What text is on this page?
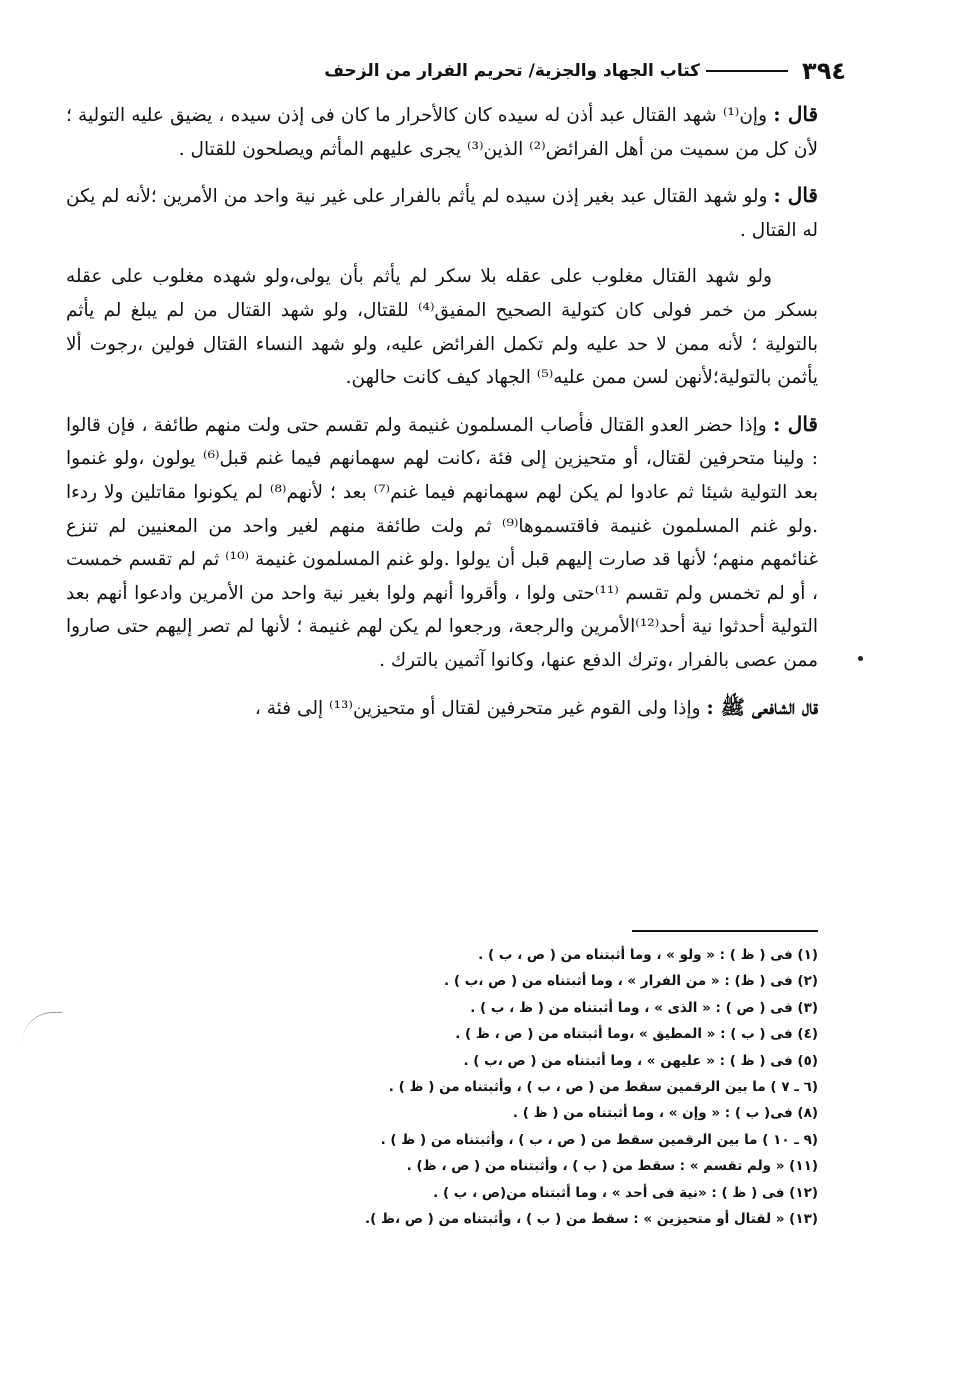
٣٩٤
كتاب الجهاد والجزية/ تحريم الفرار من الزحف

قال : وإن⁽¹⁾ شهد القتال عبد أذن له سيده كان كالأحرار ما كان فى إذن سيده ، يضيق عليه التولية ؛ لأن كل من سميت من أهل الفرائض⁽²⁾ الذين⁽³⁾ يجرى عليهم المأثم ويصلحون للقتال .

قال : ولو شهد القتال عبد بغير إذن سيده لم يأثم بالفرار على غير نية واحد من الأمرين ؛لأنه لم يكن له القتال .

ولو شهد القتال مغلوب على عقله بلا سكر لم يأثم بأن يولى،ولو شهده مغلوب على عقله بسكر من خمر فولى كان كتولية الصحيح المفيق⁽⁴⁾ للقتال، ولو شهد القتال من لم يبلغ لم يأثم بالتولية ؛ لأنه ممن لا حد عليه ولم تكمل الفرائض عليه، ولو شهد النساء القتال فولين ،رجوت ألا يأثمن بالتولية؛لأنهن لسن ممن عليه⁽⁵⁾ الجهاد كيف كانت حالهن.

قال : وإذا حضر العدو القتال فأصاب المسلمون غنيمة ولم تقسم حتى ولت منهم طائفة ، فإن قالوا : ولينا متحرفين لقتال، أو متحيزين إلى فئة ،كانت لهم سهمانهم فيما غنم قبل⁽⁶⁾ يولون ،ولو غنموا بعد التولية شيئا ثم عادوا لم يكن لهم سهمانهم فيما غنم⁽⁷⁾ بعد ؛ لأنهم⁽⁸⁾ لم يكونوا مقاتلين ولا ردءا .ولو غنم المسلمون غنيمة فاقتسموها⁽⁹⁾ ثم ولت طائفة منهم لغير واحد من المعنيين لم تنزع غنائمهم منهم؛ لأنها قد صارت إليهم قبل أن يولوا .ولو غنم المسلمون غنيمة ⁽¹⁰⁾ ثم لم تقسم خمست ، أو لم تخمس ولم تقسم ⁽¹¹⁾حتى ولوا ، وأقروا أنهم ولوا بغير نية واحد من الأمرين وادعوا أنهم بعد التولية أحدثوا نية أحد⁽¹²⁾الأمرين والرجعة، ورجعوا لم يكن لهم غنيمة ؛ لأنها لم تصر إليهم حتى صاروا ممن عصى بالفرار ،وترك الدفع عنها، وكانوا آثمين بالترك .

قال الشافعى ﷺ : وإذا ولى القوم غير متحرفين لقتال أو متحيزين⁽¹³⁾ إلى فئة ،

(١) فى ( ظ ) : « ولو » ، وما أثبتناه من ( ص ، ب ) .
(٢) فى ( ظ) : « من الفرار » ، وما أثبتناه من ( ص ،ب ) .
(٣) فى ( ص ) : « الذى » ، وما أثبتناه من ( ظ ، ب ) .
(٤) فى ( ب ) : « المطيق » ،وما أثبتناه من ( ص ، ظ ) .
(٥) فى ( ظ ) : « عليهن » ، وما أثبتناه من ( ص ،ب ) .
(٦ ـ ٧ ) ما بين الرقمين سقط من ( ص ، ب ) ، وأثبتناه من ( ظ ) .
(٨) فى( ب ) : « وإن » ، وما أثبتناه من ( ظ ) .
(٩ ـ ١٠ ) ما بين الرقمين سقط من ( ص ، ب ) ، وأثبتناه من ( ظ ) .
(١١) « ولم تقسم » : سقط من ( ب ) ، وأثبتناه من ( ص ، ظ) .
(١٢) فى ( ظ ) : «نية فى أحد » ، وما أثبتناه من(ص ، ب ) .
(١٣) « لقتال أو متحيزين » : سقط من ( ب ) ، وأثبتناه من ( ص ،ظ ).
